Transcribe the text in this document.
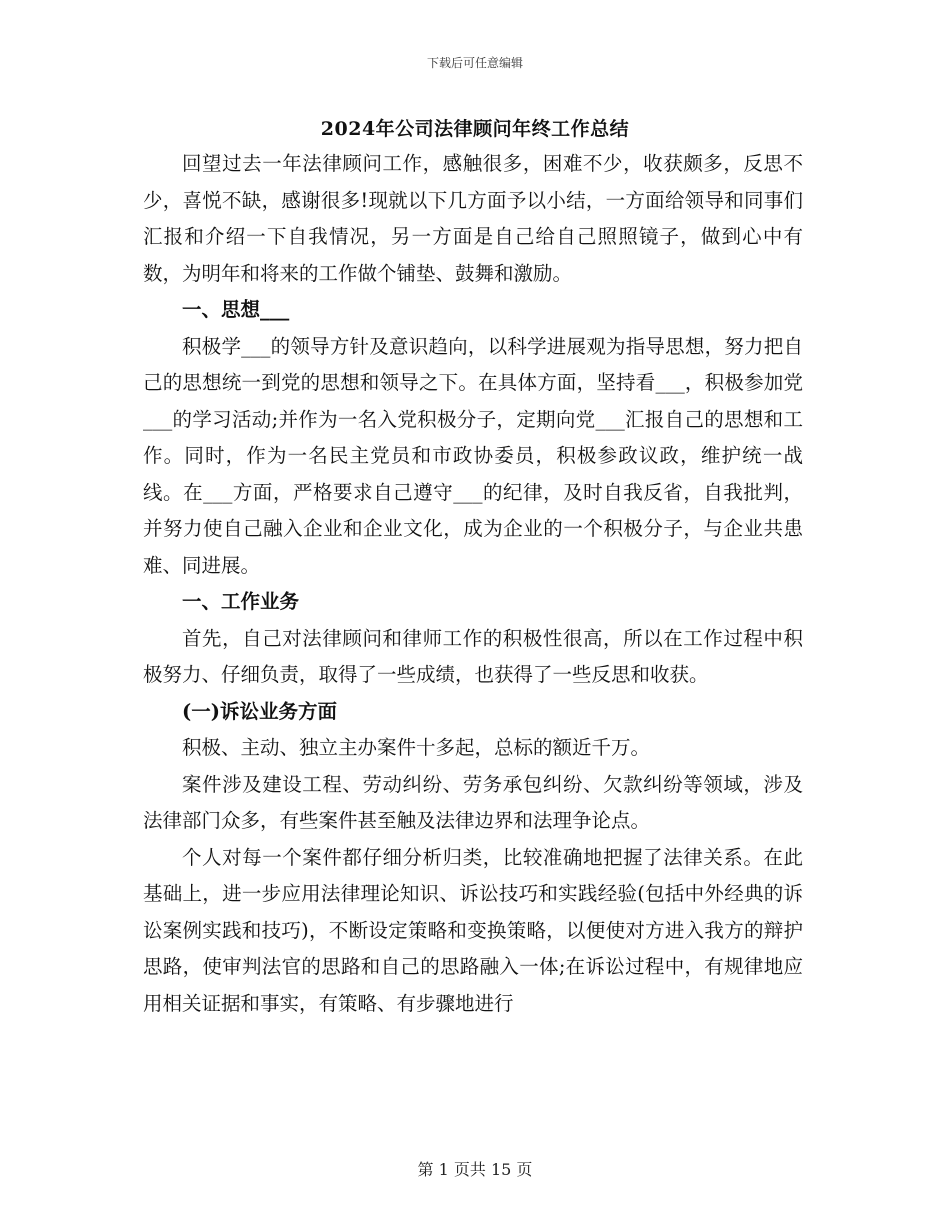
下载后可任意编辑
2024年公司法律顾问年终工作总结

回望过去一年法律顾问工作，感触很多，困难不少，收获颇多，反思不少，喜悦不缺，感谢很多!现就以下几方面予以小结，一方面给领导和同事们汇报和介绍一下自我情况，另一方面是自己给自己照照镜子，做到心中有数，为明年和将来的工作做个铺垫、鼓舞和激励。

一、思想___

积极学___的领导方针及意识趋向，以科学进展观为指导思想，努力把自己的思想统一到党的思想和领导之下。在具体方面，坚持看___，积极参加党___的学习活动;并作为一名入党积极分子，定期向党___汇报自己的思想和工作。同时，作为一名民主党员和市政协委员，积极参政议政，维护统一战线。在___方面，严格要求自己遵守___的纪律，及时自我反省，自我批判，并努力使自己融入企业和企业文化，成为企业的一个积极分子，与企业共患难、同进展。

一、工作业务

首先，自己对法律顾问和律师工作的积极性很高，所以在工作过程中积极努力、仔细负责，取得了一些成绩，也获得了一些反思和收获。

(一)诉讼业务方面

积极、主动、独立主办案件十多起，总标的额近千万。

案件涉及建设工程、劳动纠纷、劳务承包纠纷、欠款纠纷等领域，涉及法律部门众多，有些案件甚至触及法律边界和法理争论点。

个人对每一个案件都仔细分析归类，比较准确地把握了法律关系。在此基础上，进一步应用法律理论知识、诉讼技巧和实践经验(包括中外经典的诉讼案例实践和技巧)，不断设定策略和变换策略，以便使对方进入我方的辩护思路，使审判法官的思路和自己的思路融入一体;在诉讼过程中，有规律地应用相关证据和事实，有策略、有步骤地进行

第 1 页共 15 页
